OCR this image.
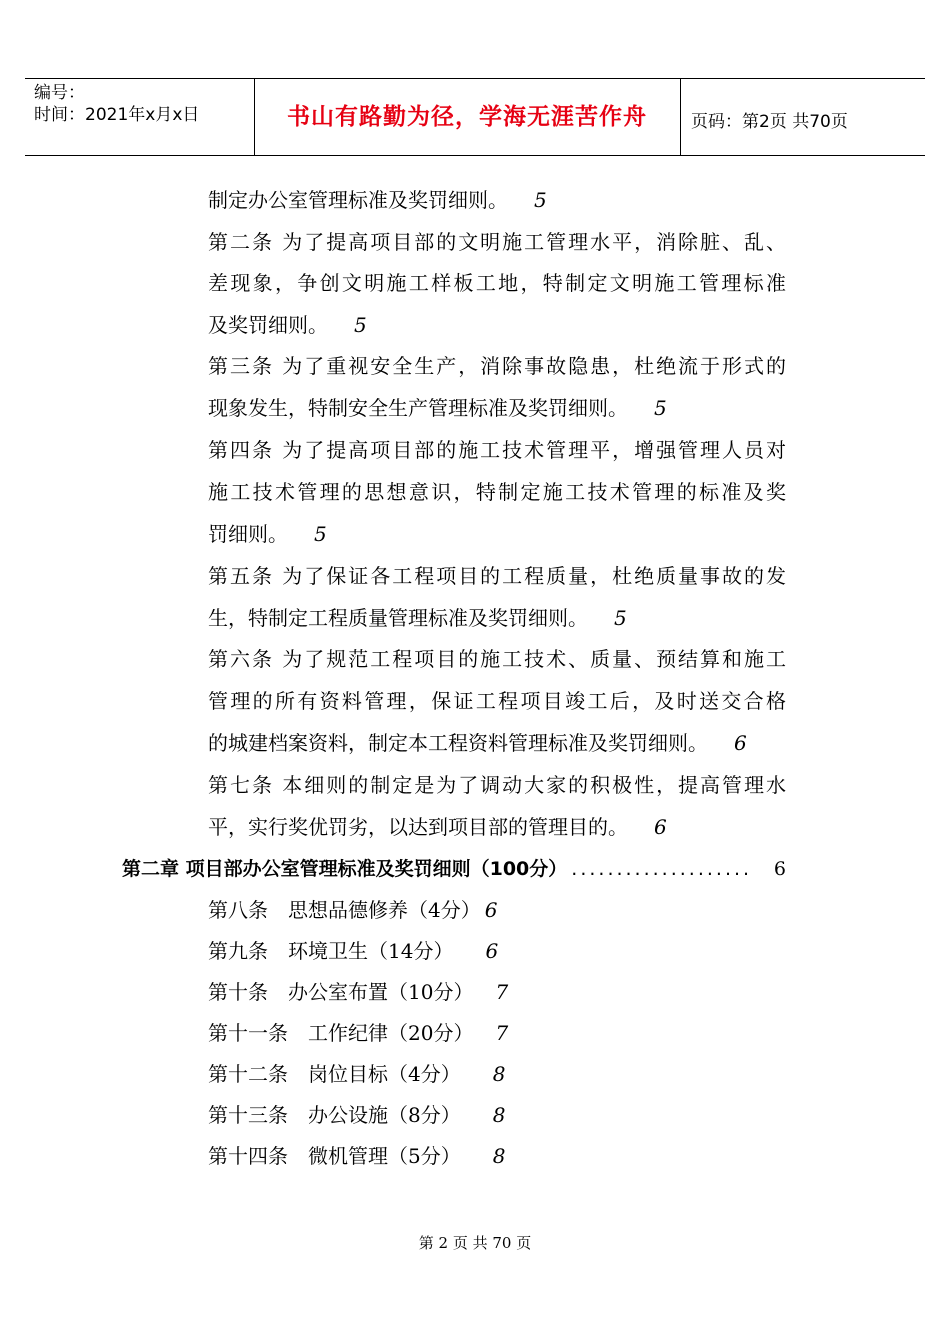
编号：
时间：2021年x月x日	书山有路勤为径，学海无涯苦作舟	页码：第2页 共70页
制定办公室管理标准及奖罚细则。 5
第二条 为了提高项目部的文明施工管理水平，消除脏、乱、
差现象，争创文明施工样板工地，特制定文明施工管理标准
及奖罚细则。 5
第三条 为了重视安全生产，消除事故隐患，杜绝流于形式的
现象发生，特制安全生产管理标准及奖罚细则。 5
第四条 为了提高项目部的施工技术管理平，增强管理人员对
施工技术管理的思想意识，特制定施工技术管理的标准及奖
罚细则。 5
第五条 为了保证各工程项目的工程质量，杜绝质量事故的发
生，特制定工程质量管理标准及奖罚细则。 5
第六条 为了规范工程项目的施工技术、质量、预结算和施工
管理的所有资料管理，保证工程项目竣工后，及时送交合格
的城建档案资料，制定本工程资料管理标准及奖罚细则。 6
第七条 本细则的制定是为了调动大家的积极性，提高管理水
平，实行奖优罚劣，以达到项目部的管理目的。 6
第二章 项目部办公室管理标准及奖罚细则（100分） ....................	6
第八条 思想品德修养（4分） 6
第九条 环境卫生（14分） 6
第十条 办公室布置（10分） 7
第十一条 工作纪律（20分） 7
第十二条 岗位目标（4分） 8
第十三条 办公设施（8分） 8
第十四条 微机管理（5分） 8
第 2 页 共 70 页
